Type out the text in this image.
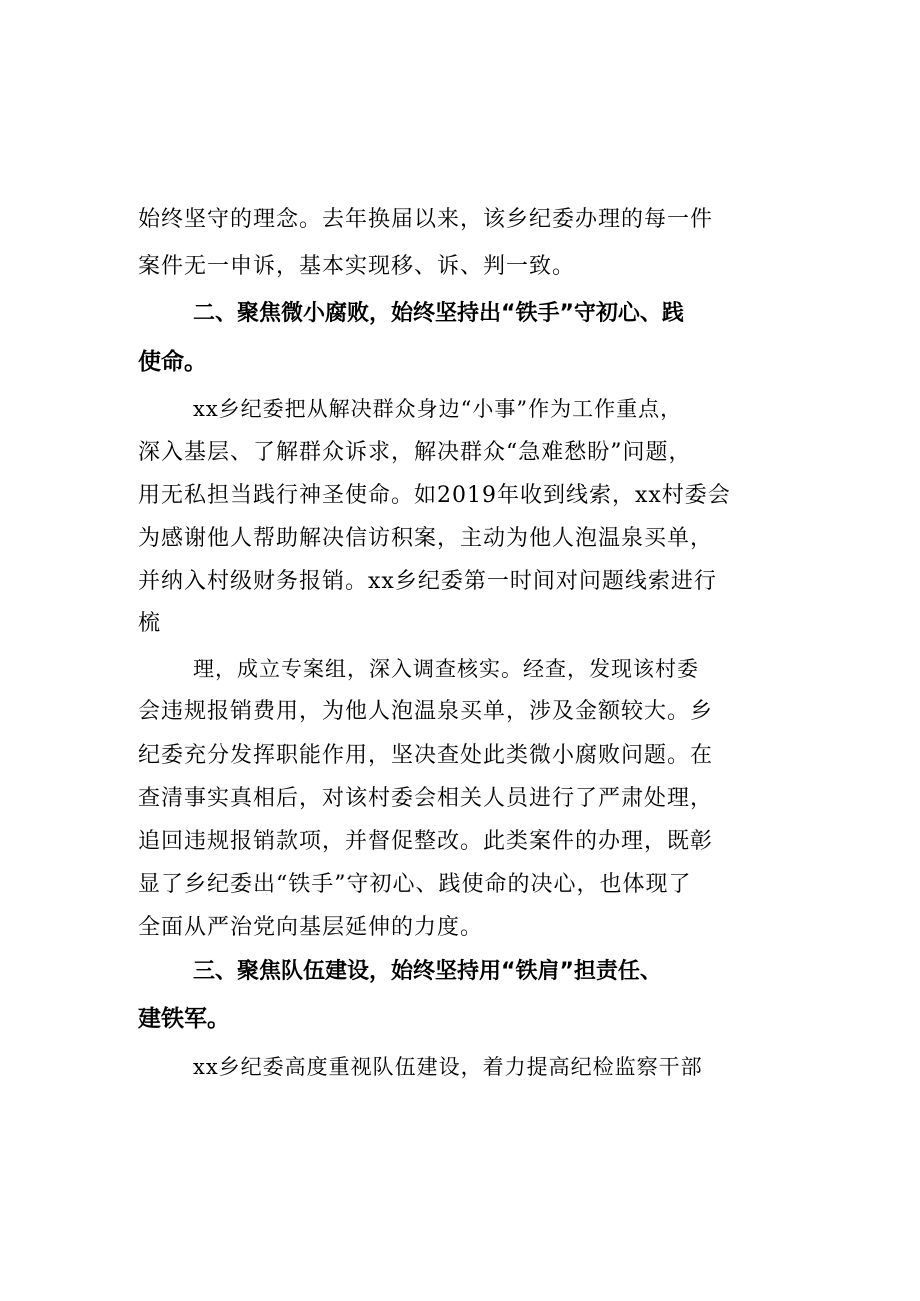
始终坚守的理念。去年换届以来，该乡纪委办理的每一件
案件无一申诉，基本实现移、诉、判一致。
二、聚焦微小腐败，始终坚持出“铁手”守初心、践
使命。
xx乡纪委把从解决群众身边“小事”作为工作重点，
深入基层、了解群众诉求，解决群众“急难愁盼”问题，
用无私担当践行神圣使命。如2019年收到线索，xx村委会
为感谢他人帮助解决信访积案，主动为他人泡温泉买单，
并纳入村级财务报销。xx乡纪委第一时间对问题线索进行
梳
理，成立专案组，深入调查核实。经查，发现该村委
会违规报销费用，为他人泡温泉买单，涉及金额较大。乡
纪委充分发挥职能作用，坚决查处此类微小腐败问题。在
查清事实真相后，对该村委会相关人员进行了严肃处理，
追回违规报销款项，并督促整改。此类案件的办理，既彰
显了乡纪委出“铁手”守初心、践使命的决心，也体现了
全面从严治党向基层延伸的力度。
三、聚焦队伍建设，始终坚持用“铁肩”担责任、
建铁军。
xx乡纪委高度重视队伍建设，着力提高纪检监察干部
